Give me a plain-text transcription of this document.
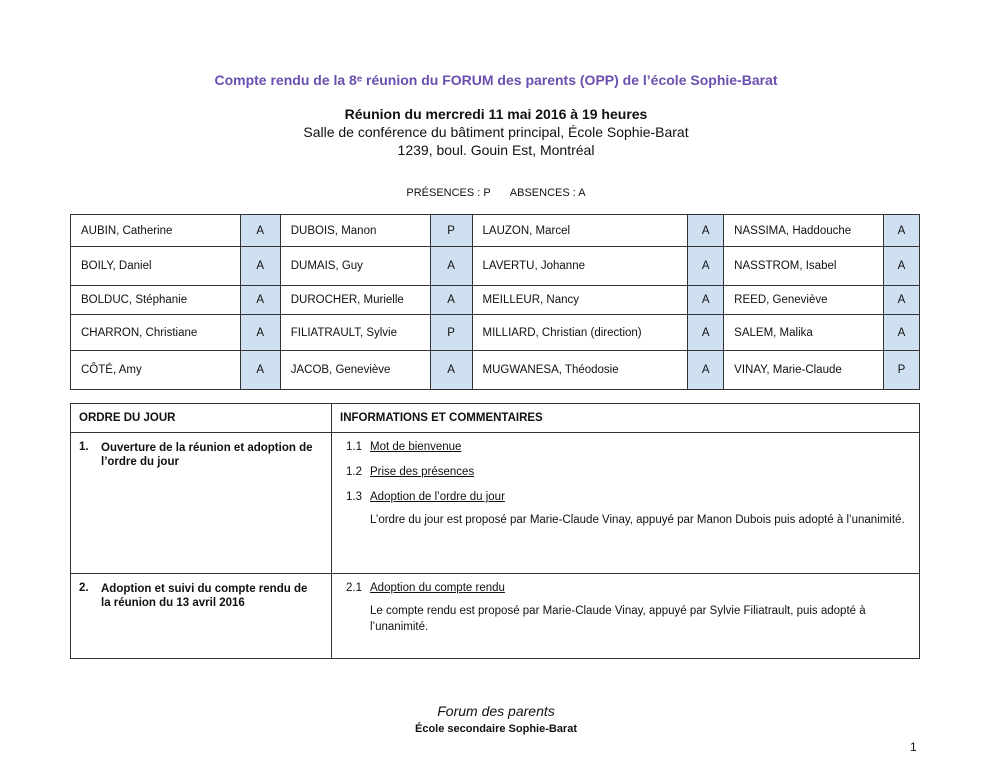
Compte rendu de la 8ᵉ réunion du FORUM des parents (OPP) de l’école Sophie-Barat
Réunion du mercredi 11 mai 2016 à 19 heures
Salle de conférence du bâtiment principal, École Sophie-Barat
1239, boul. Gouin Est, Montréal
PRÉSENCES : P ABSENCES : A
AUBIN, Catherine	A	DUBOIS, Manon	P	LAUZON, Marcel	A	NASSIMA, Haddouche	A
BOILY, Daniel	A	DUMAIS, Guy	A	LAVERTU, Johanne	A	NASSTROM, Isabel	A
BOLDUC, Stéphanie	A	DUROCHER, Murielle	A	MEILLEUR, Nancy	A	REED, Geneviève	A
CHARRON, Christiane	A	FILIATRAULT, Sylvie	P	MILLIARD, Christian (direction)	A	SALEM, Malika	A
CÔTÉ, Amy	A	JACOB, Geneviève	A	MUGWANESA, Théodosie	A	VINAY, Marie-Claude	P
ORDRE DU JOUR	INFORMATIONS ET COMMENTAIRES
1. Ouverture de la réunion et adoption de l’ordre du jour	1.1 Mot de bienvenue
1.2 Prise des présences
1.3 Adoption de l’ordre du jour
L’ordre du jour est proposé par Marie-Claude Vinay, appuyé par Manon Dubois puis adopté à l’unanimité.

2. Adoption et suivi du compte rendu de la réunion du 13 avril 2016	2.1 Adoption du compte rendu
Le compte rendu est proposé par Marie-Claude Vinay, appuyé par Sylvie Filiatrault, puis adopté à l’unanimité.
Forum des parents
École secondaire Sophie-Barat
1
